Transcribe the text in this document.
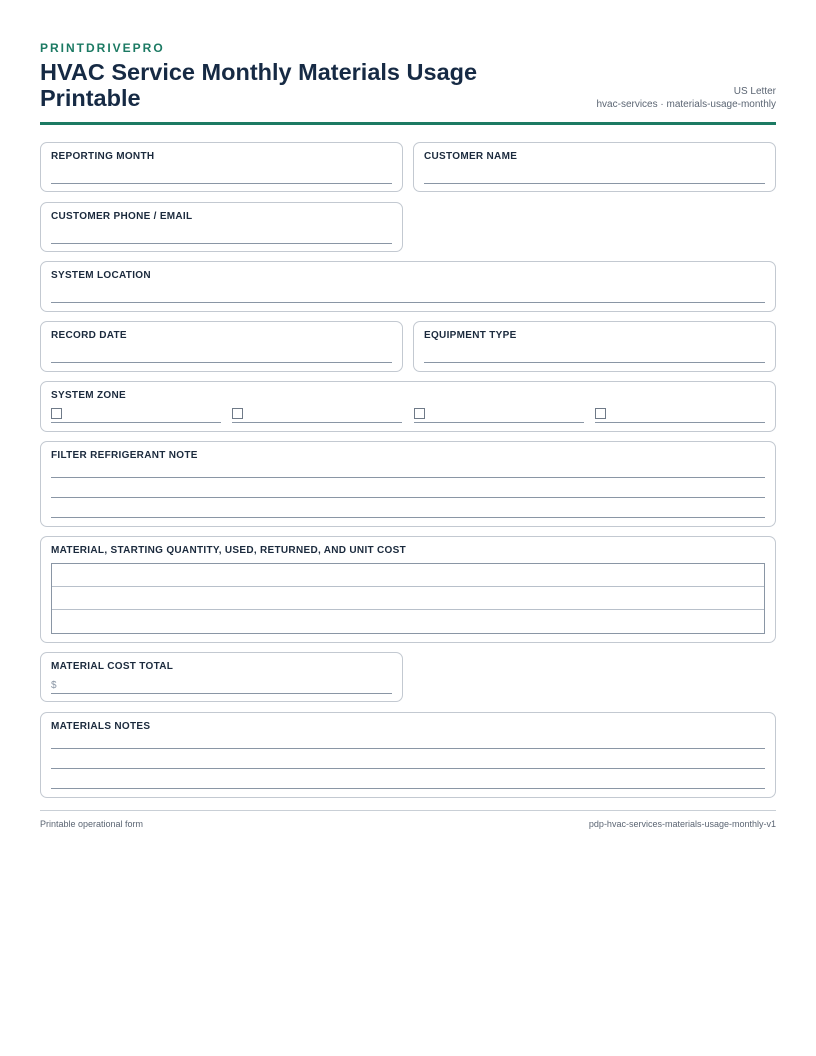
PRINTDRIVEPRO
HVAC Service Monthly Materials Usage Printable	US Letter
hvac-services · materials-usage-monthly
REPORTING MONTH	CUSTOMER NAME
CUSTOMER PHONE / EMAIL
SYSTEM LOCATION
RECORD DATE	EQUIPMENT TYPE
SYSTEM ZONE
FILTER REFRIGERANT NOTE
MATERIAL, STARTING QUANTITY, USED, RETURNED, AND UNIT COST
MATERIAL COST TOTAL
$
MATERIALS NOTES
Printable operational form	pdp-hvac-services-materials-usage-monthly-v1
